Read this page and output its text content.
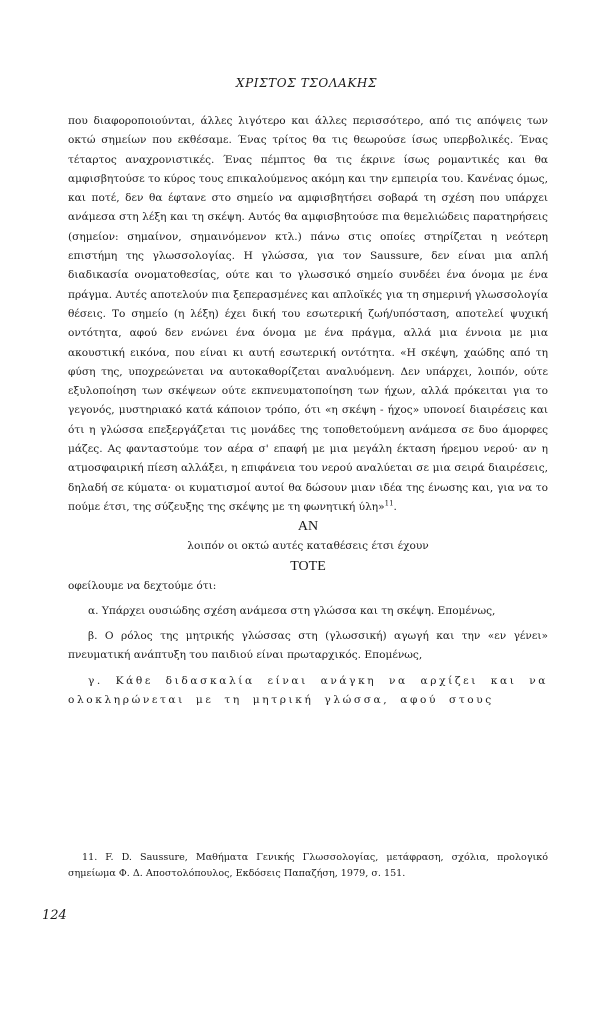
ΧΡΙΣΤΟΣ ΤΣΟΛΑΚΗΣ

που διαφοροποιούνται, άλλες λιγότερο και άλλες περισσότερο, από τις απόψεις των οκτώ σημείων που εκθέσαμε. Ένας τρίτος θα τις θεωρούσε ίσως υπερβολικές. Ένας τέταρτος αναχρονιστικές. Ένας πέμπτος θα τις έκρινε ίσως ρομαντικές και θα αμφισβητούσε το κύρος τους επικαλούμενος ακόμη και την εμπειρία του. Κανένας όμως, και ποτέ, δεν θα έφτανε στο σημείο να αμφισβητήσει σοβαρά τη σχέση που υπάρχει ανάμεσα στη λέξη και τη σκέψη. Αυτός θα αμφισβητούσε πια θεμελιώδεις παρατηρήσεις (σημείον: σημαίνον, σημαινόμενον κτλ.) πάνω στις οποίες στηρίζεται η νεότερη επιστήμη της γλωσσολογίας. Η γλώσσα, για τον Saussure, δεν είναι μια απλή διαδικασία ονοματοθεσίας, ούτε και το γλωσσικό σημείο συνδέει ένα όνομα με ένα πράγμα. Αυτές αποτελούν πια ξεπερασμένες και απλοϊκές για τη σημερινή γλωσσολογία θέσεις. Το σημείο (η λέξη) έχει δική του εσωτερική ζωή/υπόσταση, αποτελεί ψυχική οντότητα, αφού δεν ενώνει ένα όνομα με ένα πράγμα, αλλά μια έννοια με μια ακουστική εικόνα, που είναι κι αυτή εσωτερική οντότητα. «Η σκέψη, χαώδης από τη φύση της, υποχρεώνεται να αυτοκαθορίζεται αναλυόμενη. Δεν υπάρχει, λοιπόν, ούτε εξυλοποίηση των σκέψεων ούτε εκπνευματοποίηση των ήχων, αλλά πρόκειται για το γεγονός, μυστηριακό κατά κάποιον τρόπο, ότι «η σκέψη - ήχος» υπονοεί διαιρέσεις και ότι η γλώσσα επεξεργάζεται τις μονάδες της τοποθετούμενη ανάμεσα σε δυο άμορφες μάζες. Ας φανταστούμε τον αέρα σ' επαφή με μια μεγάλη έκταση ήρεμου νερού· αν η ατμοσφαιρική πίεση αλλάξει, η επιφάνεια του νερού αναλύεται σε μια σειρά διαιρέσεις, δηλαδή σε κύματα· οι κυματισμοί αυτοί θα δώσουν μιαν ιδέα της ένωσης και, για να το πούμε έτσι, της σύζευξης της σκέψης με τη φωνητική ύλη»$^{11}$.

ΑΝ

λοιπόν οι οκτώ αυτές καταθέσεις έτσι έχουν

ΤΟΤΕ

οφείλουμε να δεχτούμε ότι:

α. Υπάρχει ουσιώδης σχέση ανάμεσα στη γλώσσα και τη σκέψη. Επομένως,

β. Ο ρόλος της μητρικής γλώσσας στη (γλωσσική) αγωγή και την «εν γένει» πνευματική ανάπτυξη του παιδιού είναι πρωταρχικός. Επομένως,

γ. Κάθε διδασκαλία είναι ανάγκη να αρχίζει και να ολοκληρώνεται με τη μητρική γλώσσα, αφού στους

11. F. D. Saussure, Μαθήματα Γενικής Γλωσσολογίας, μετάφραση, σχόλια, προλογικό σημείωμα Φ. Δ. Αποστολόπουλος, Εκδόσεις Παπαζήση, 1979, σ. 151.
124
